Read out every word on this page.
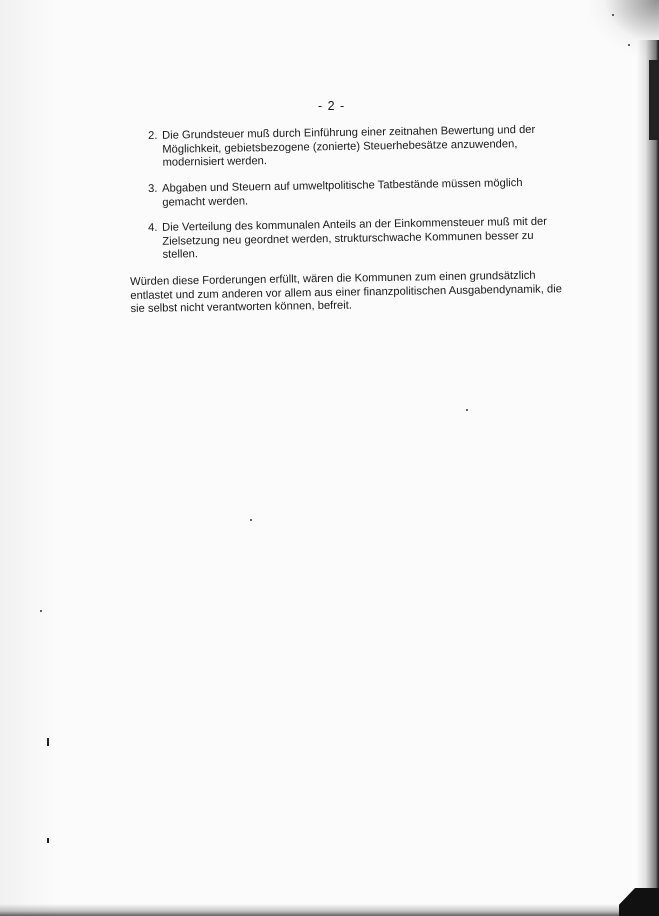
- 2 -
2. Die Grundsteuer muß durch Einführung einer zeitnahen Bewertung und der Möglichkeit, gebietsbezogene (zonierte) Steuerhebesätze anzuwenden, modernisiert werden.
3. Abgaben und Steuern auf umweltpolitische Tatbestände müssen möglich gemacht werden.
4. Die Verteilung des kommunalen Anteils an der Einkommensteuer muß mit der Zielsetzung neu geordnet werden, strukturschwache Kommunen besser zu stellen.

Würden diese Forderungen erfüllt, wären die Kommunen zum einen grundsätzlich entlastet und zum anderen vor allem aus einer finanzpolitischen Ausgabendynamik, die sie selbst nicht verantworten können, befreit.
